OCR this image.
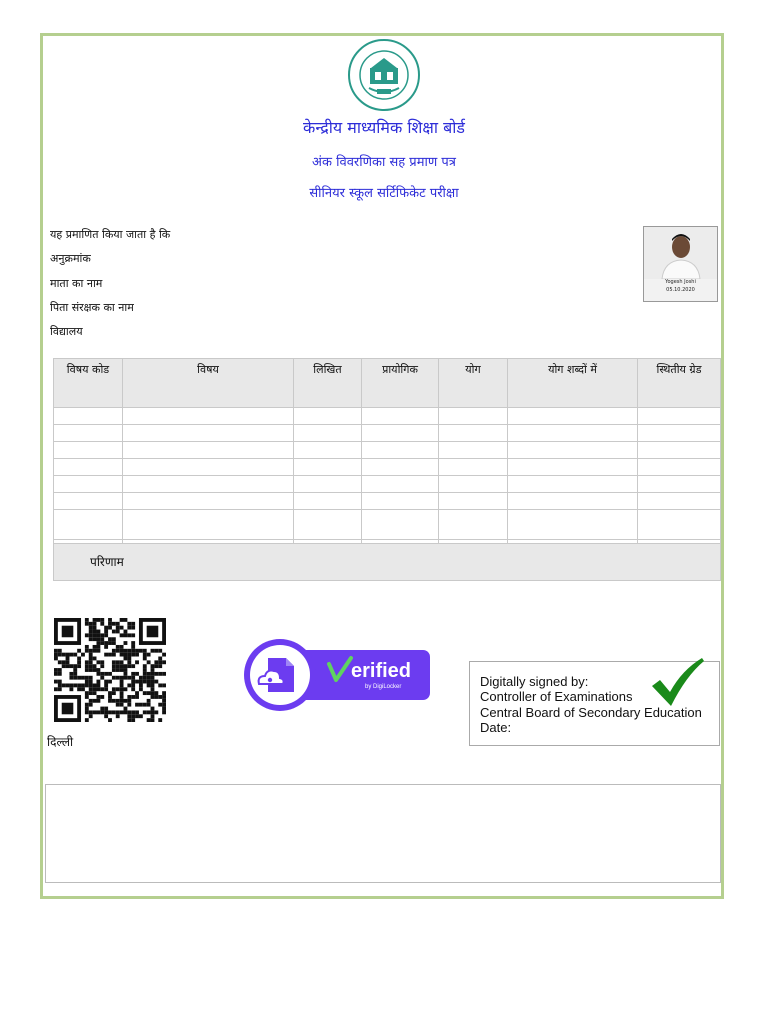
केन्द्रीय माध्यमिक शिक्षा बोर्ड
अंक विवरणिका सह प्रमाण पत्र
सीनियर स्कूल सर्टिफिकेट परीक्षा
यह प्रमाणित किया जाता है कि
अनुक्रमांक
माता का नाम
पिता संरक्षक का नाम
विद्यालय
Yogesh Joshi
05.10.2020
विषय कोड	विषय	लिखित	प्रायोगिक	योग	योग शब्दों में	स्थितीय ग्रेड

परिणाम
दिल्ली
erified
by DigiLocker	Digitally signed by:
Controller of Examinations
Central Board of Secondary Education
Date:
